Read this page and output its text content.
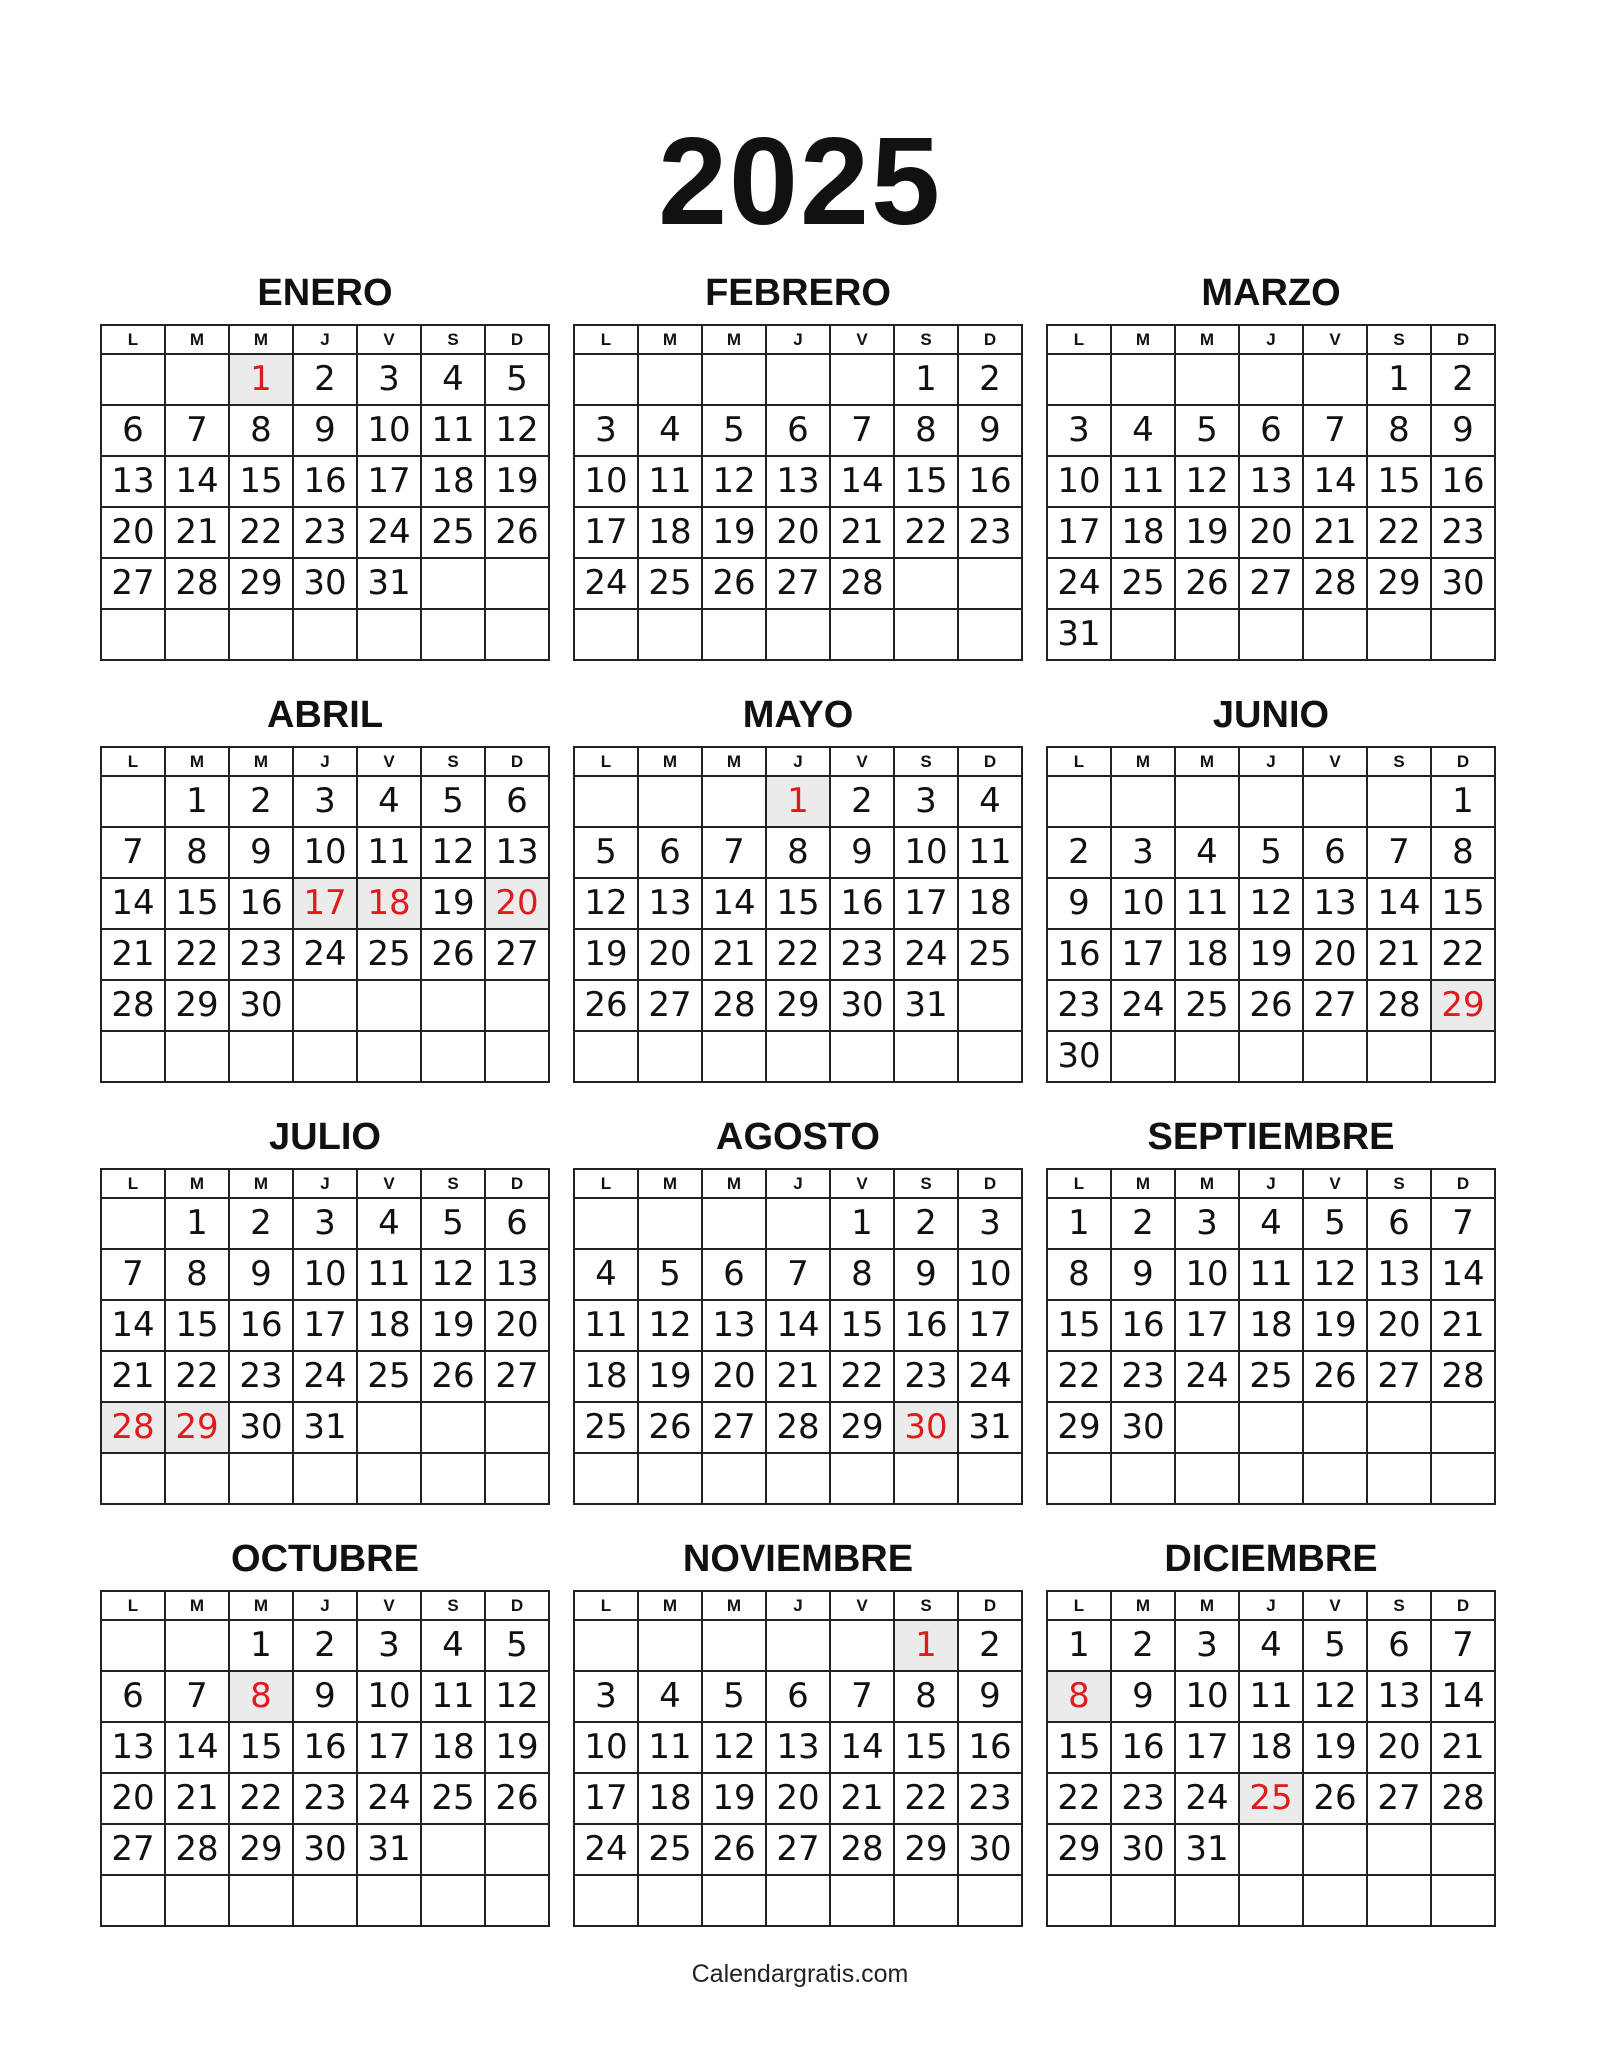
2025
ENERO
L	M	M	J	V	S	D
		1	2	3	4	5
6	7	8	9	10	11	12
13	14	15	16	17	18	19
20	21	22	23	24	25	26
27	28	29	30	31		

FEBRERO
L	M	M	J	V	S	D
					1	2
3	4	5	6	7	8	9
10	11	12	13	14	15	16
17	18	19	20	21	22	23
24	25	26	27	28		

MARZO
L	M	M	J	V	S	D
					1	2
3	4	5	6	7	8	9
10	11	12	13	14	15	16
17	18	19	20	21	22	23
24	25	26	27	28	29	30
31						
ABRIL
L	M	M	J	V	S	D
	1	2	3	4	5	6
7	8	9	10	11	12	13
14	15	16	17	18	19	20
21	22	23	24	25	26	27
28	29	30				

MAYO
L	M	M	J	V	S	D
			1	2	3	4
5	6	7	8	9	10	11
12	13	14	15	16	17	18
19	20	21	22	23	24	25
26	27	28	29	30	31	

JUNIO
L	M	M	J	V	S	D
						1
2	3	4	5	6	7	8
9	10	11	12	13	14	15
16	17	18	19	20	21	22
23	24	25	26	27	28	29
30						
JULIO
L	M	M	J	V	S	D
	1	2	3	4	5	6
7	8	9	10	11	12	13
14	15	16	17	18	19	20
21	22	23	24	25	26	27
28	29	30	31			

AGOSTO
L	M	M	J	V	S	D
				1	2	3
4	5	6	7	8	9	10
11	12	13	14	15	16	17
18	19	20	21	22	23	24
25	26	27	28	29	30	31

SEPTIEMBRE
L	M	M	J	V	S	D
1	2	3	4	5	6	7
8	9	10	11	12	13	14
15	16	17	18	19	20	21
22	23	24	25	26	27	28
29	30					

OCTUBRE
L	M	M	J	V	S	D
		1	2	3	4	5
6	7	8	9	10	11	12
13	14	15	16	17	18	19
20	21	22	23	24	25	26
27	28	29	30	31		

NOVIEMBRE
L	M	M	J	V	S	D
					1	2
3	4	5	6	7	8	9
10	11	12	13	14	15	16
17	18	19	20	21	22	23
24	25	26	27	28	29	30

DICIEMBRE
L	M	M	J	V	S	D
1	2	3	4	5	6	7
8	9	10	11	12	13	14
15	16	17	18	19	20	21
22	23	24	25	26	27	28
29	30	31				

Calendargratis.com
